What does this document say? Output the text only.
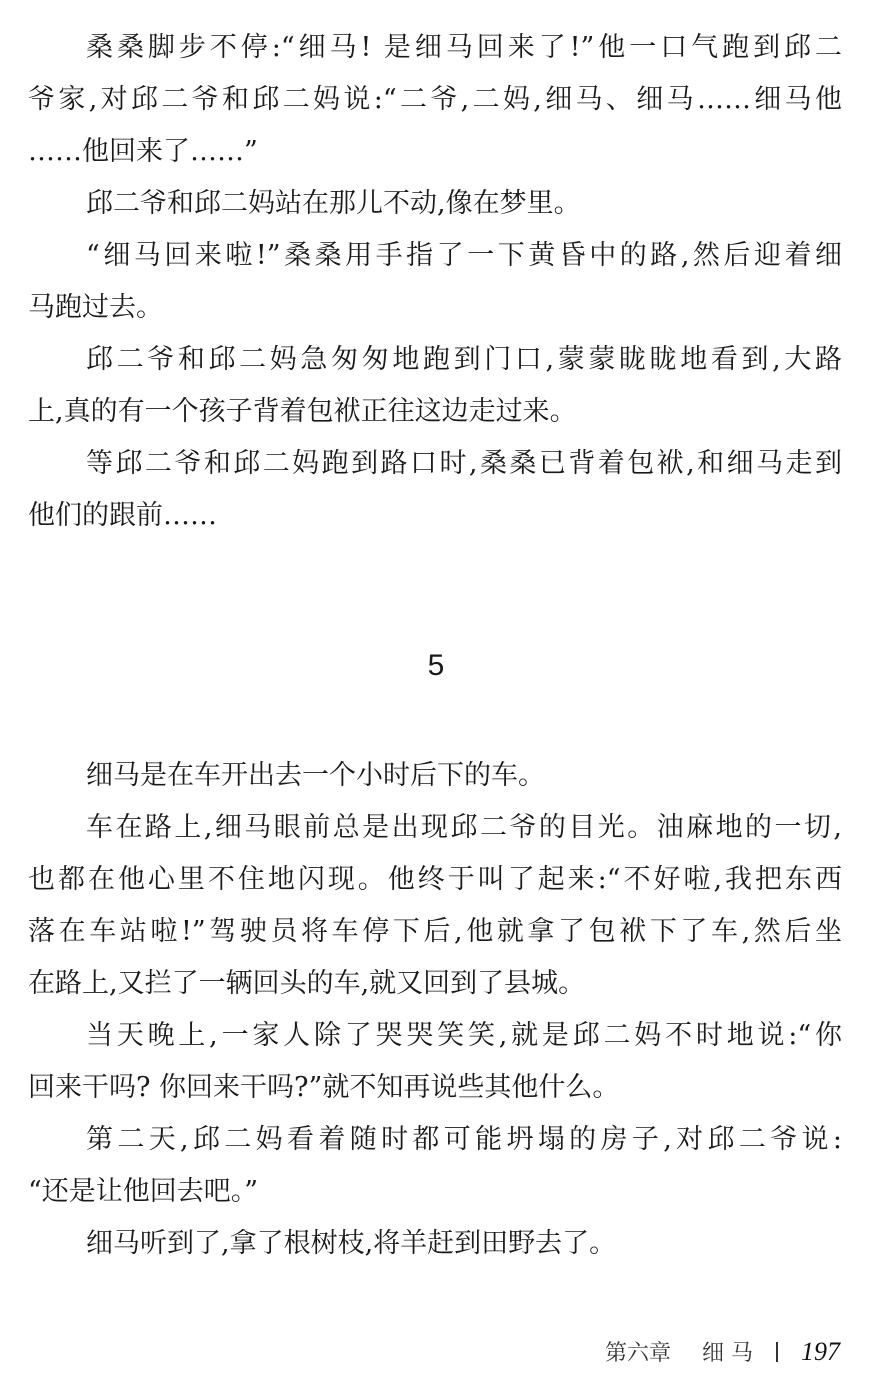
桑桑脚步不停:“细马! 是细马回来了!”他一口气跑到邱二
爷家,对邱二爷和邱二妈说:“二爷,二妈,细马、细马……细马他
……他回来了……”
邱二爷和邱二妈站在那儿不动,像在梦里。
“细马回来啦!”桑桑用手指了一下黄昏中的路,然后迎着细
马跑过去。
邱二爷和邱二妈急匆匆地跑到门口,蒙蒙眬眬地看到,大路
上,真的有一个孩子背着包袱正往这边走过来。
等邱二爷和邱二妈跑到路口时,桑桑已背着包袱,和细马走到
他们的跟前……
5
细马是在车开出去一个小时后下的车。
车在路上,细马眼前总是出现邱二爷的目光。油麻地的一切,
也都在他心里不住地闪现。他终于叫了起来:“不好啦,我把东西
落在车站啦!”驾驶员将车停下后,他就拿了包袱下了车,然后坐
在路上,又拦了一辆回头的车,就又回到了县城。
当天晚上,一家人除了哭哭笑笑,就是邱二妈不时地说:“你
回来干吗? 你回来干吗?”就不知再说些其他什么。
第二天,邱二妈看着随时都可能坍塌的房子,对邱二爷说:
“还是让他回去吧。”
细马听到了,拿了根树枝,将羊赶到田野去了。
第六章 细 马 197
